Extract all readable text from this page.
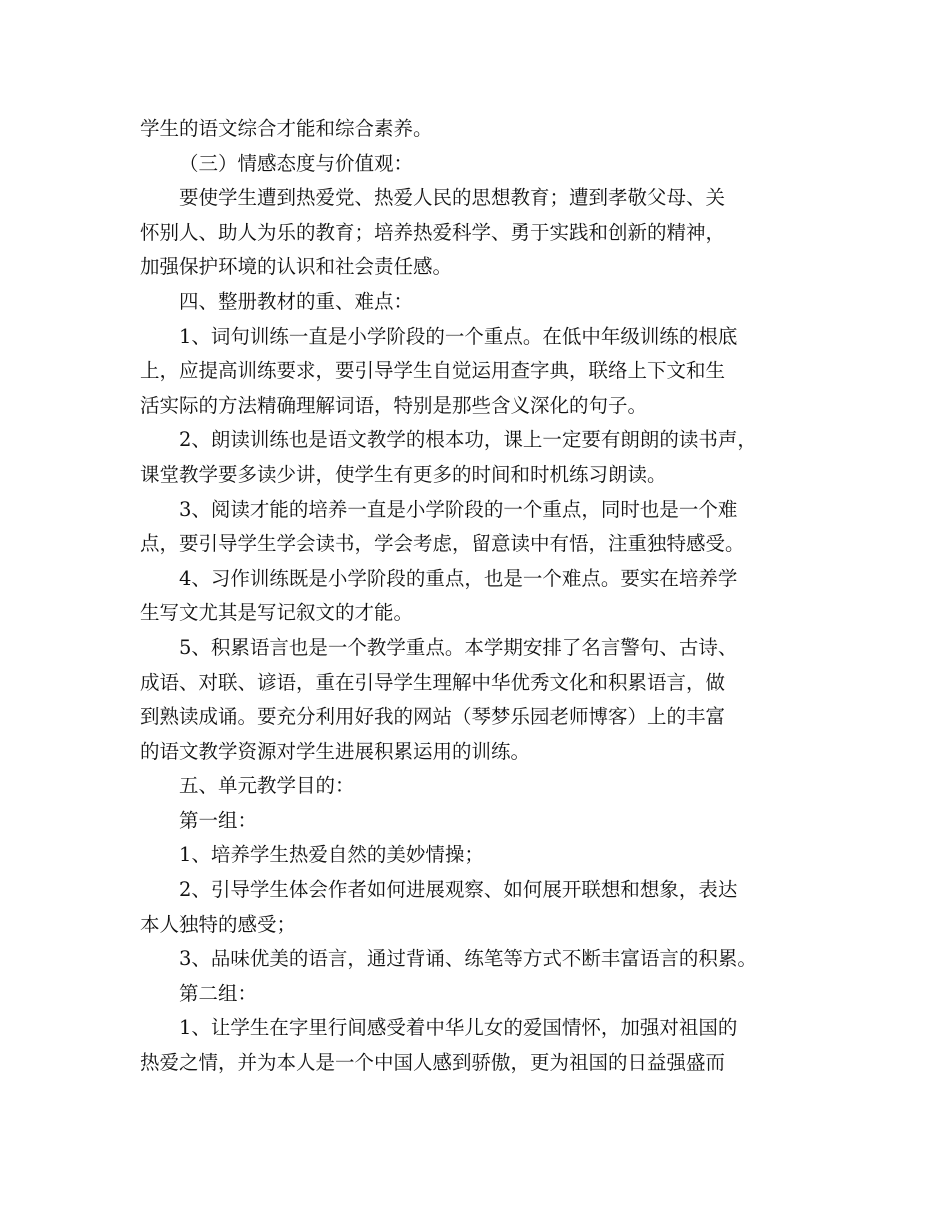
学生的语文综合才能和综合素养。

（三）情感态度与价值观：

要使学生遭到热爱党、热爱人民的思想教育；遭到孝敬父母、关

怀别人、助人为乐的教育；培养热爱科学、勇于实践和创新的精神，

加强保护环境的认识和社会责任感。

四、整册教材的重、难点：

1、词句训练一直是小学阶段的一个重点。在低中年级训练的根底

上，应提高训练要求，要引导学生自觉运用查字典，联络上下文和生

活实际的方法精确理解词语，特别是那些含义深化的句子。

2、朗读训练也是语文教学的根本功，课上一定要有朗朗的读书声，

课堂教学要多读少讲，使学生有更多的时间和时机练习朗读。

3、阅读才能的培养一直是小学阶段的一个重点，同时也是一个难

点，要引导学生学会读书，学会考虑，留意读中有悟，注重独特感受。

4、习作训练既是小学阶段的重点，也是一个难点。要实在培养学

生写文尤其是写记叙文的才能。

5、积累语言也是一个教学重点。本学期安排了名言警句、古诗、

成语、对联、谚语，重在引导学生理解中华优秀文化和积累语言，做

到熟读成诵。要充分利用好我的网站（琴梦乐园老师博客）上的丰富

的语文教学资源对学生进展积累运用的训练。

五、单元教学目的：

第一组：

1、培养学生热爱自然的美妙情操；

2、引导学生体会作者如何进展观察、如何展开联想和想象，表达

本人独特的感受；

3、品味优美的语言，通过背诵、练笔等方式不断丰富语言的积累。

第二组：

1、让学生在字里行间感受着中华儿女的爱国情怀，加强对祖国的

热爱之情，并为本人是一个中国人感到骄傲，更为祖国的日益强盛而
